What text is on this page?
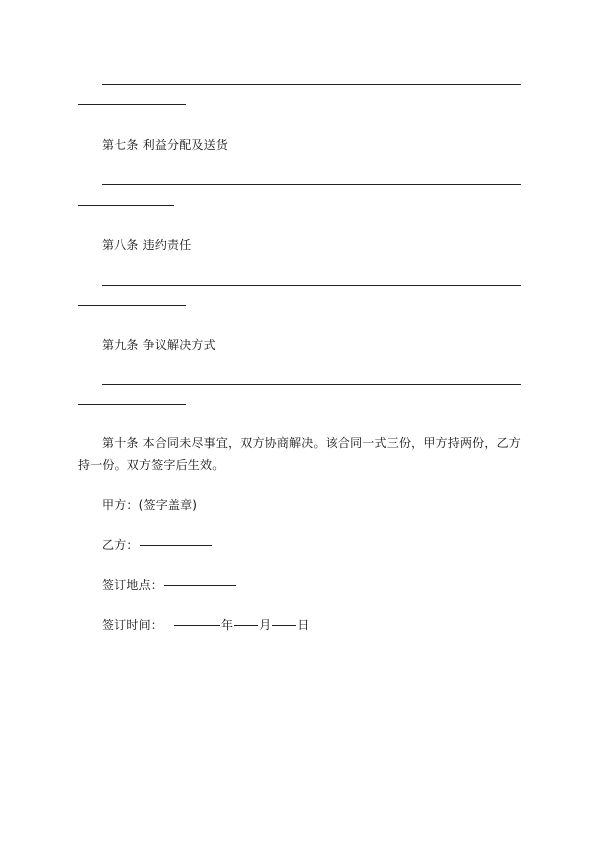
第七条 利益分配及送货
第八条 违约责任
第九条 争议解决方式
第十条 本合同未尽事宜，双方协商解决。该合同一式三份，甲方持两份，乙方持一份。双方签字后生效。
甲方：(签字盖章)
乙方：
签订地点：
签订时间：	年 月 日
